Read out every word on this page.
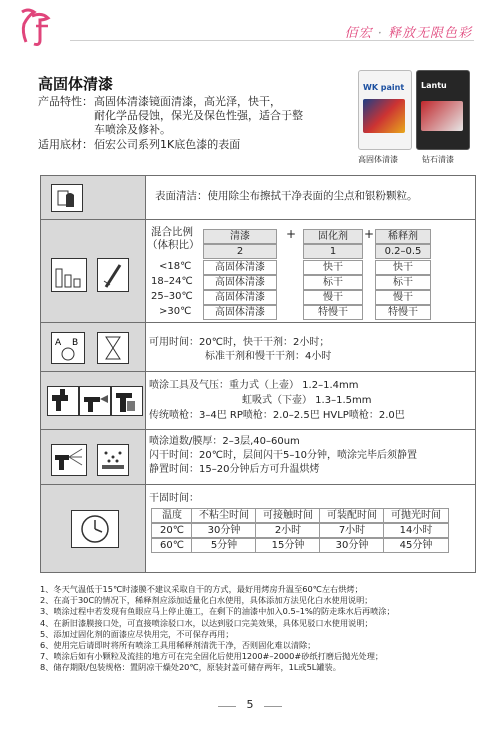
佰宏 · 释放无限色彩
高固体清漆
产品特性：高固体清漆镜面清漆，高光泽，快干，
耐化学品侵蚀，保光及保色性强，适合于整
车喷涂及修补。
适用底材：佰宏公司系列1K底色漆的表面
WK paint Lantu
高固体清漆	钻石清漆
表面清洁：使用除尘布擦拭干净表面的尘点和银粉颗粒。
混合比例
（体积比）
清漆	+	固化剂	+	稀释剂
2	1	0.2–0.5
<18℃	高固体清漆	快干	快干
18–24℃	高固体清漆	标干	标干
25–30℃	高固体清漆	慢干	慢干
>30℃	高固体清漆	特慢干	特慢干
A B	可用时间：20℃时，快干干剂：2小时；
标准干剂和慢干干剂：4小时
喷涂工具及气压：重力式（上壶） 1.2–1.4mm
虹吸式（下壶） 1.3–1.5mm
传统喷枪：3–4巴 RP喷枪：2.0–2.5巴 HVLP喷枪：2.0巴
喷涂道数/膜厚：2–3层,40–60um
闪干时间：20℃时，层间闪干5–10分钟，喷涂完毕后须静置
静置时间：15–20分钟后方可升温烘烤
干固时间：
温度	不粘尘时间	可接触时间	可装配时间	可抛光时间
20℃	30分钟	2小时	7小时	14小时
60℃	5分钟	15分钟	30分钟	45分钟
1、冬天气温低于15℃时漆膜不建议采取自干的方式，最好用烤房升温至60℃左右烘烤；
2、在高于30C的情况下，稀释剂应添加适量化白水使用，具体添加方法见化白水使用说明；
3、喷涂过程中若发现有鱼眼应马上停止施工，在剩下的油漆中加入0.5–1%的防走珠水后再喷涂；
4、在新旧漆膜接口处，可直接喷涂驳口水，以达到驳口完美效果，具体见驳口水使用说明；
5、添加过固化剂的面漆应尽快用完，不可保存再用；
6、使用完后请即时将所有喷涂工具用稀释剂清洗干净，否则固化难以清除；
7、喷涂后如有小颗粒及流挂的地方可在完全固化后使用1200#–2000#砂纸打磨后抛光处理；
8、储存期限/包装规格：置阴凉干燥处20℃，原装封盖可储存两年，1L或5L罐装。
5
